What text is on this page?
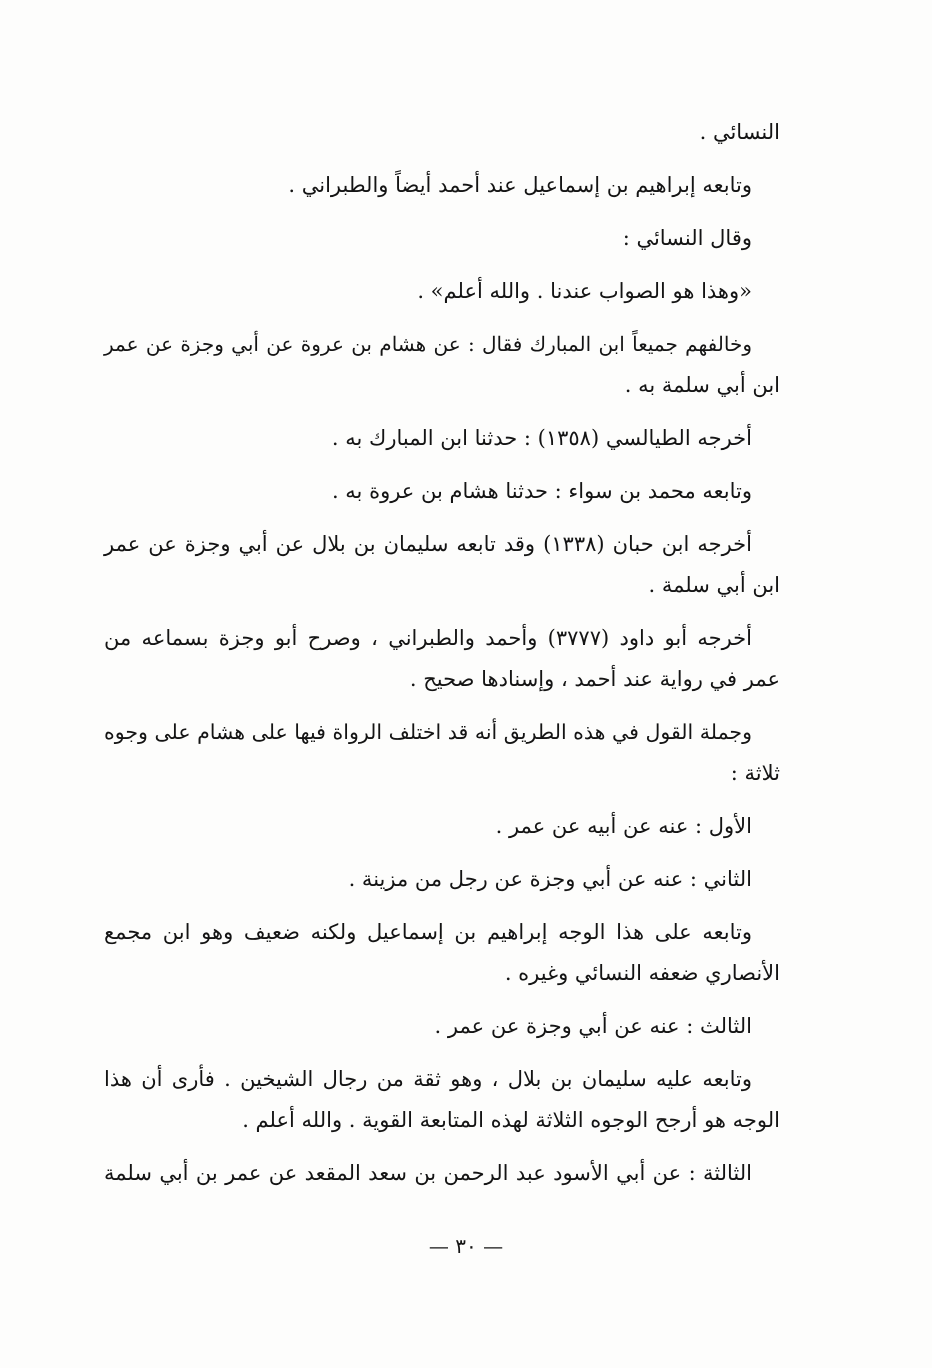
النسائي .
وتابعه إبراهيم بن إسماعيل عند أحمد أيضاً والطبراني .
وقال النسائي :
«وهذا هو الصواب عندنا . والله أعلم» .
وخالفهم جميعاً ابن المبارك فقال : عن هشام بن عروة عن أبي وجزة عن عمر
ابن أبي سلمة به .
أخرجه الطيالسي (١٣٥٨) : حدثنا ابن المبارك به .
وتابعه محمد بن سواء : حدثنا هشام بن عروة به .
أخرجه ابن حبان (١٣٣٨) وقد تابعه سليمان بن بلال عن أبي وجزة عن عمر
ابن أبي سلمة .
أخرجه أبو داود (٣٧٧٧) وأحمد والطبراني ، وصرح أبو وجزة بسماعه من
عمر في رواية عند أحمد ، وإسنادها صحيح .
وجملة القول في هذه الطريق أنه قد اختلف الرواة فيها على هشام على وجوه
ثلاثة :
الأول : عنه عن أبيه عن عمر .
الثاني : عنه عن أبي وجزة عن رجل من مزينة .
وتابعه على هذا الوجه إبراهيم بن إسماعيل ولكنه ضعيف وهو ابن مجمع
الأنصاري ضعفه النسائي وغيره .
الثالث : عنه عن أبي وجزة عن عمر .
وتابعه عليه سليمان بن بلال ، وهو ثقة من رجال الشيخين . فأرى أن هذا
الوجه هو أرجح الوجوه الثلاثة لهذه المتابعة القوية . والله أعلم .
الثالثة : عن أبي الأسود عبد الرحمن بن سعد المقعد عن عمر بن أبي سلمة
— ٣٠ —
